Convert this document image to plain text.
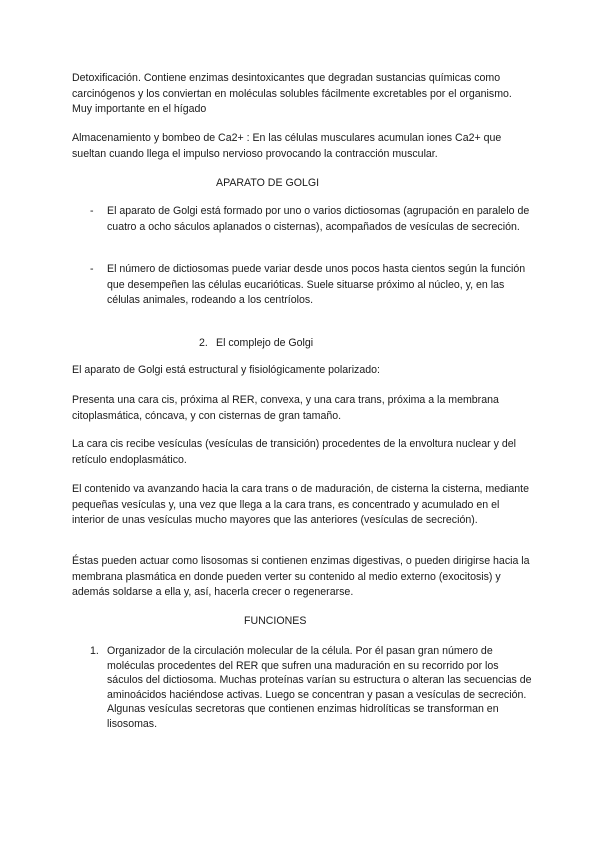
Detoxificación. Contiene enzimas desintoxicantes que degradan sustancias químicas como carcinógenos y los conviertan en moléculas solubles fácilmente excretables por el organismo. Muy importante en el hígado

Almacenamiento y bombeo de Ca2+ : En las células musculares acumulan iones Ca2+ que sueltan cuando llega el impulso nervioso provocando la contracción muscular.

APARATO DE GOLGI
- El aparato de Golgi está formado por uno o varios dictiosomas (agrupación en paralelo de cuatro a ocho sáculos aplanados o cisternas), acompañados de vesículas de secreción.

- El número de dictiosomas puede variar desde unos pocos hasta cientos según la función que desempeñen las células eucarióticas. Suele situarse próximo al núcleo, y, en las células animales, rodeando a los centríolos.

2. El complejo de Golgi

El aparato de Golgi está estructural y fisiológicamente polarizado:

Presenta una cara cis, próxima al RER, convexa, y una cara trans, próxima a la membrana citoplasmática, cóncava, y con cisternas de gran tamaño.

La cara cis recibe vesículas (vesículas de transición) procedentes de la envoltura nuclear y del retículo endoplasmático.

El contenido va avanzando hacia la cara trans o de maduración, de cisterna la cisterna, mediante pequeñas vesículas y, una vez que llega a la cara trans, es concentrado y acumulado en el interior de unas vesículas mucho mayores que las anteriores (vesículas de secreción).

Éstas pueden actuar como lisosomas si contienen enzimas digestivas, o pueden dirigirse hacia la membrana plasmática en donde pueden verter su contenido al medio externo (exocitosis) y además soldarse a ella y, así, hacerla crecer o regenerarse.

FUNCIONES
1. Organizador de la circulación molecular de la célula. Por él pasan gran número de moléculas procedentes del RER que sufren una maduración en su recorrido por los sáculos del dictiosoma. Muchas proteínas varían su estructura o alteran las secuencias de aminoácidos haciéndose activas. Luego se concentran y pasan a vesículas de secreción. Algunas vesículas secretoras que contienen enzimas hidrolíticas se transforman en lisosomas.
